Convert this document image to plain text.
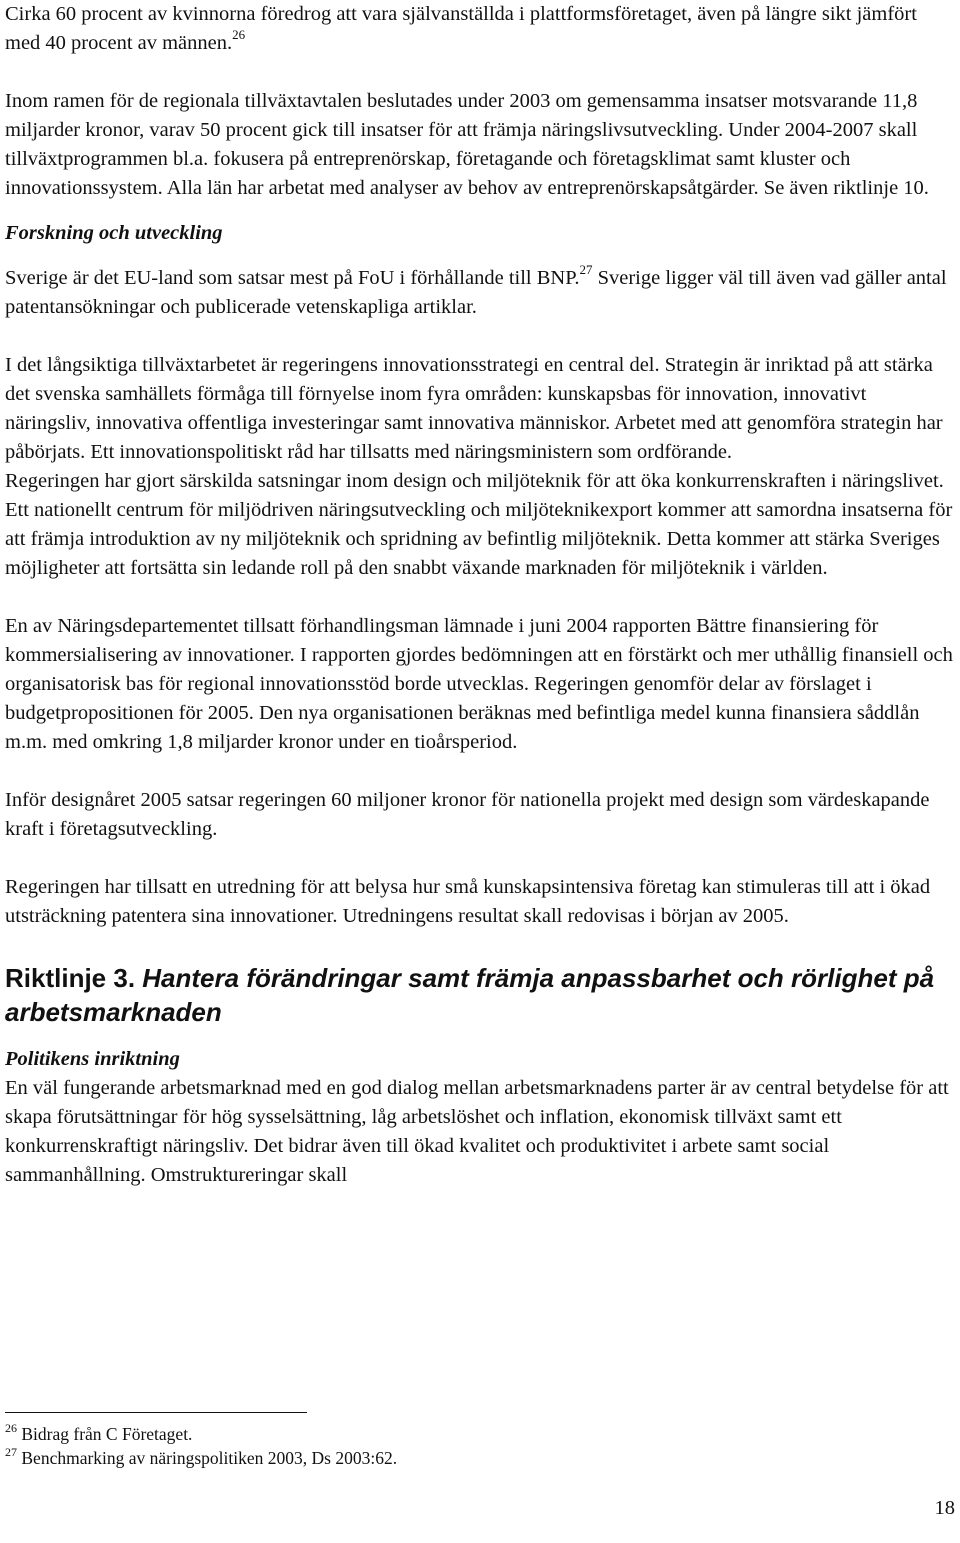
Cirka 60 procent av kvinnorna föredrog att vara självanställda i plattformsföretaget, även på längre sikt jämfört med 40 procent av männen.$^{26}$

Inom ramen för de regionala tillväxtavtalen beslutades under 2003 om gemensamma insatser motsvarande 11,8 miljarder kronor, varav 50 procent gick till insatser för att främja näringslivsutveckling. Under 2004-2007 skall tillväxtprogrammen bl.a. fokusera på entreprenörskap, företagande och företagsklimat samt kluster och innovationssystem. Alla län har arbetat med analyser av behov av entreprenörskapsåtgärder. Se även riktlinje 10.

Forskning och utveckling

Sverige är det EU-land som satsar mest på FoU i förhållande till BNP.$^{27}$ Sverige ligger väl till även vad gäller antal patentansökningar och publicerade vetenskapliga artiklar.

I det långsiktiga tillväxtarbetet är regeringens innovationsstrategi en central del. Strategin är inriktad på att stärka det svenska samhällets förmåga till förnyelse inom fyra områden: kunskapsbas för innovation, innovativt näringsliv, innovativa offentliga investeringar samt innovativa människor. Arbetet med att genomföra strategin har påbörjats. Ett innovationspolitiskt råd har tillsatts med näringsministern som ordförande.

Regeringen har gjort särskilda satsningar inom design och miljöteknik för att öka konkurrenskraften i näringslivet. Ett nationellt centrum för miljödriven näringsutveckling och miljöteknikexport kommer att samordna insatserna för att främja introduktion av ny miljöteknik och spridning av befintlig miljöteknik. Detta kommer att stärka Sveriges möjligheter att fortsätta sin ledande roll på den snabbt växande marknaden för miljöteknik i världen.

En av Näringsdepartementet tillsatt förhandlingsman lämnade i juni 2004 rapporten Bättre finansiering för kommersialisering av innovationer. I rapporten gjordes bedömningen att en förstärkt och mer uthållig finansiell och organisatorisk bas för regional innovationsstöd borde utvecklas. Regeringen genomför delar av förslaget i budgetpropositionen för 2005. Den nya organisationen beräknas med befintliga medel kunna finansiera såddlån m.m. med omkring 1,8 miljarder kronor under en tioårsperiod.

Inför designåret 2005 satsar regeringen 60 miljoner kronor för nationella projekt med design som värdeskapande kraft i företagsutveckling.

Regeringen har tillsatt en utredning för att belysa hur små kunskapsintensiva företag kan stimuleras till att i ökad utsträckning patentera sina innovationer. Utredningens resultat skall redovisas i början av 2005.

Riktlinje 3. Hantera förändringar samt främja anpassbarhet och rörlighet på arbetsmarknaden

Politikens inriktning

En väl fungerande arbetsmarknad med en god dialog mellan arbetsmarknadens parter är av central betydelse för att skapa förutsättningar för hög sysselsättning, låg arbetslöshet och inflation, ekonomisk tillväxt samt ett konkurrenskraftigt näringsliv. Det bidrar även till ökad kvalitet och produktivitet i arbete samt social sammanhållning. Omstruktureringar skall

$^{26}$ Bidrag från C Företaget.
$^{27}$ Benchmarking av näringspolitiken 2003, Ds 2003:62.
18
